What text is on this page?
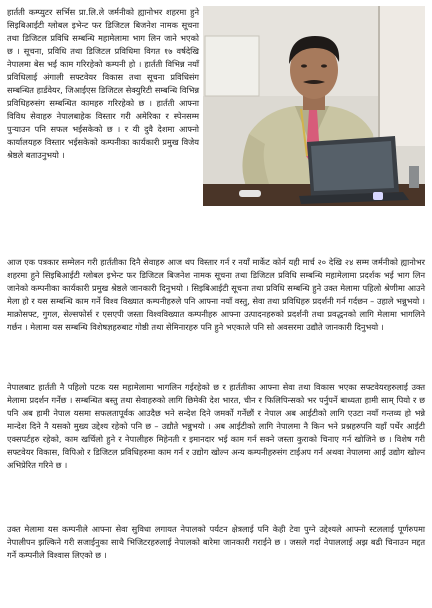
हार्तती कम्प्युटर सर्भिस प्रा.लि.ले जर्मनीको ह्यानोभर शहरमा हुने सिइबिआईटी ग्लोबल इभेन्ट फर डिजिटल बिजनेश नामक सूचना तथा डिजिटल प्रविधि सम्बन्धि महामेलामा भाग लिन जाने भएको छ । सूचना, प्रविधि तथा डिजिटल प्रविधिमा विगत १७ वर्षदेखि नेपालमा बेस भई काम गरिरहेको कम्पनी हो । हार्तती विभिन्न नयाँ प्रविधिलाई अंगाली सफ्टवेयर विकास तथा सूचना प्रविधिसंग सम्बन्धित हार्डवेयर, जिआईएस डिजिटल सेक्युरिटी सम्बन्धि विभिन्न प्रविधिहरुसंग सम्बन्धित कामहरु गरिरहेको छ । हार्तती आफ्ना विविध सेवाहरु नेपालबाहेक विस्तार गरी अमेरिका र स्पेनसम्म पुर्‍याउन पनि सफल भईसकेको छ । र यी दुवै देशमा आफ्नो कार्यालयहरु विस्तार भईसकेको कम्पनीका कार्यकारी प्रमुख विजेय श्रेष्ठले बताउनुभयो ।

आज एक पत्रकार सम्मेलन गरी हार्ततीका दिनै सेवाहरु आज थप विस्तार गर्न र नयाँ मार्केट कोर्न यही मार्च २० देखि २४ सम्म जर्मनीको ह्यानोभर शहरमा हुने सिइबिआईटी ग्लोबल इभेन्ट फर डिजिटल बिजनेश नामक सूचना तथा डिजिटल प्रविधि सम्बन्धि महामेलामा प्रदर्शक भई भाग लिन जानेको कम्पनीका कार्यकारी प्रमुख श्रेष्ठले जानकारी दिनुभयो । सिइबिआईटी सूचना तथा प्रविधि सम्बन्धि हुने उक्त मेलामा पहिलो श्रेणीमा आउने मेला हो र यस सम्बन्धि काम गर्ने विश्व विख्यात कम्पनीहरुले पनि आफ्ना नयाँ वस्तु, सेवा तथा प्रविधिहरु प्रदर्शनी गर्न गर्दछन – उहाले भन्नुभयो । माक्रोसफ्ट, गुगल, सेल्सफोर्स र एसएपी जस्ता विश्वविख्यात कम्पनीहरु आफ्ना उत्पादनहरुको प्रदर्शनी तथा प्रवद्धनको लागि मेलामा भागलिने गर्छन । मेलामा यस सम्बन्धि विशेषज्ञहरुबाट गोष्ठी तथा सेमिनारहरु पनि हुने भएकाले पनि सो अवसरमा उद्यौते जानकारी दिनुभयो ।

नेपालबाट हार्तती नै पहिलो पटक यस महामेलामा भागलिन गईरहेको छ र हार्ततीका आफ्ना सेवा तथा विकास भएका सफ्टवेयरहरुलाई उक्त मेलामा प्रदर्शन गर्नेछ । सम्बन्धित बस्तु तथा सेवाहरुको लागि छिमेकी देश भारत, चीन र फिलिपिन्सको भर पर्नुपर्ने बाध्यता हामी साम् पियो र छ पनि अब हामी नेपाल यसमा सफलतापूर्वक आउदैछ भने सन्देश दिने जमर्को गर्नेछौं र नेपाल अब आईटीको लागि एउटा नयाँ गन्तव्य हो भन्ने मान्देश दिने नै यसको मुख्य उद्देश्य रहेको पनि छ – उद्यौते भन्नुभयो । अब आईटीको लागि नेपालमा नै किन भने प्रश्नहरुपनि यहाँ पर्थेर आईटी एक्सपर्टहरु रहेको, काम खर्चिलो हुने र नेपालीहरु मिहेनती र इमानदार भई काम गर्न सक्ने जस्ता कुराको चिनाए गर्न खोजिने छ । विशेष गरी सफ्टवेयर विकास, विपिओ र डिजिटल प्रविधिहरुमा काम गर्न र उद्योग खोल्न अन्य कम्पनीहरुसंग टाईअप गर्न अथवा नेपालमा आई उद्योग खोल्न अभिप्रेरित गरिने छ ।

उक्त मेलामा यस कम्पनीले आफ्ना सेवा सुविधा लगायत नेपालको पर्यटन क्षेत्रलाई पनि केही टेवा पुग्ने उद्देश्यले आफ्नो स्टललाई पूर्णरुपमा नेपालीपन झल्किने गरी सजाईनुका साथै भिजिटरहरुलाई नेपालको बारेमा जानकारी गराईने छ । जसले गर्दा नेपाललाई अझ बढी चिनाउन मद्दत गर्ने कम्पनीले विश्वास लिएको छ ।
